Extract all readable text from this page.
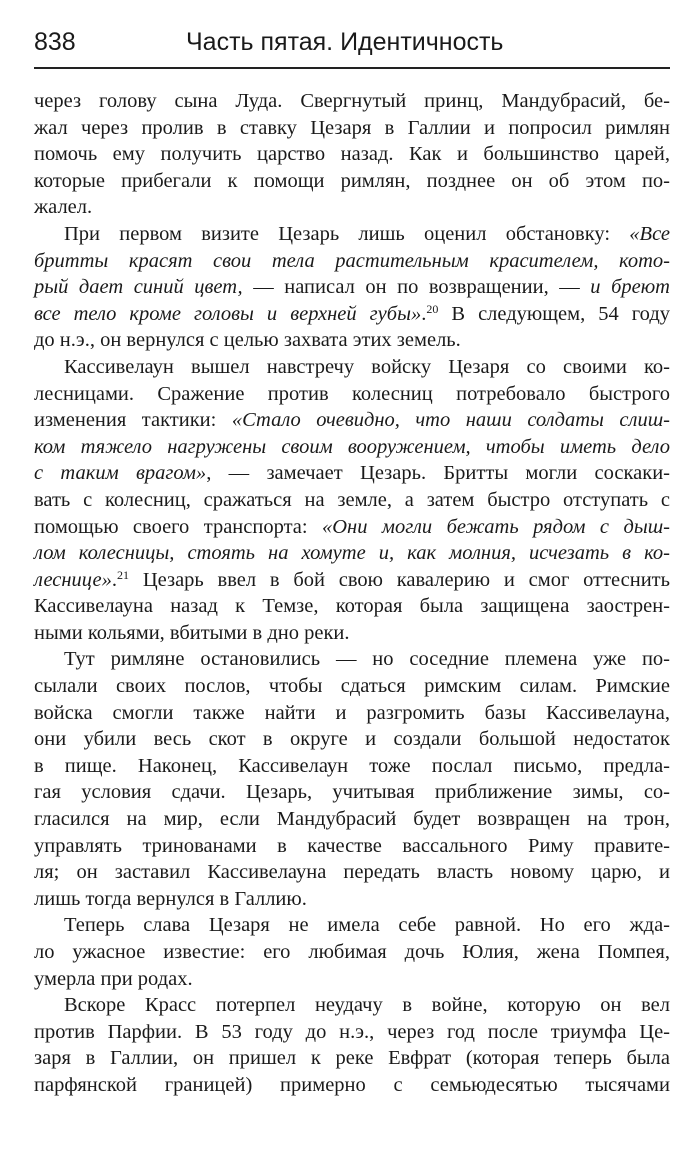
838	Часть пятая. Идентичность
через голову сына Луда. Свергнутый принц, Мандубрасий, бе-
жал через пролив в ставку Цезаря в Галлии и попросил римлян
помочь ему получить царство назад. Как и большинство царей,
которые прибегали к помощи римлян, позднее он об этом по-
жалел.
При первом визите Цезарь лишь оценил обстановку: «Все
бритты красят свои тела растительным красителем, кото-
рый дает синий цвет, — написал он по возвращении, — и бреют
все тело кроме головы и верхней губы».$^{20}$ В следующем, 54 году
до н.э., он вернулся с целью захвата этих земель.
Кассивелаун вышел навстречу войску Цезаря со своими ко-
лесницами. Сражение против колесниц потребовало быстрого
изменения тактики: «Стало очевидно, что наши солдаты слиш-
ком тяжело нагружены своим вооружением, чтобы иметь дело
с таким врагом», — замечает Цезарь. Бритты могли соскаки-
вать с колесниц, сражаться на земле, а затем быстро отступать с
помощью своего транспорта: «Они могли бежать рядом с дыш-
лом колесницы, стоять на хомуте и, как молния, исчезать в ко-
леснице».$^{21}$ Цезарь ввел в бой свою кавалерию и смог оттеснить
Кассивелауна назад к Темзе, которая была защищена заострен-
ными кольями, вбитыми в дно реки.
Тут римляне остановились — но соседние племена уже по-
сылали своих послов, чтобы сдаться римским силам. Римские
войска смогли также найти и разгромить базы Кассивелауна,
они убили весь скот в округе и создали большой недостаток
в пище. Наконец, Кассивелаун тоже послал письмо, предла-
гая условия сдачи. Цезарь, учитывая приближение зимы, со-
гласился на мир, если Мандубрасий будет возвращен на трон,
управлять тринованами в качестве вассального Риму правите-
ля; он заставил Кассивелауна передать власть новому царю, и
лишь тогда вернулся в Галлию.
Теперь слава Цезаря не имела себе равной. Но его жда-
ло ужасное известие: его любимая дочь Юлия, жена Помпея,
умерла при родах.
Вскоре Красс потерпел неудачу в войне, которую он вел
против Парфии. В 53 году до н.э., через год после триумфа Це-
заря в Галлии, он пришел к реке Евфрат (которая теперь была
парфянской границей) примерно с семьюдесятью тысячами
